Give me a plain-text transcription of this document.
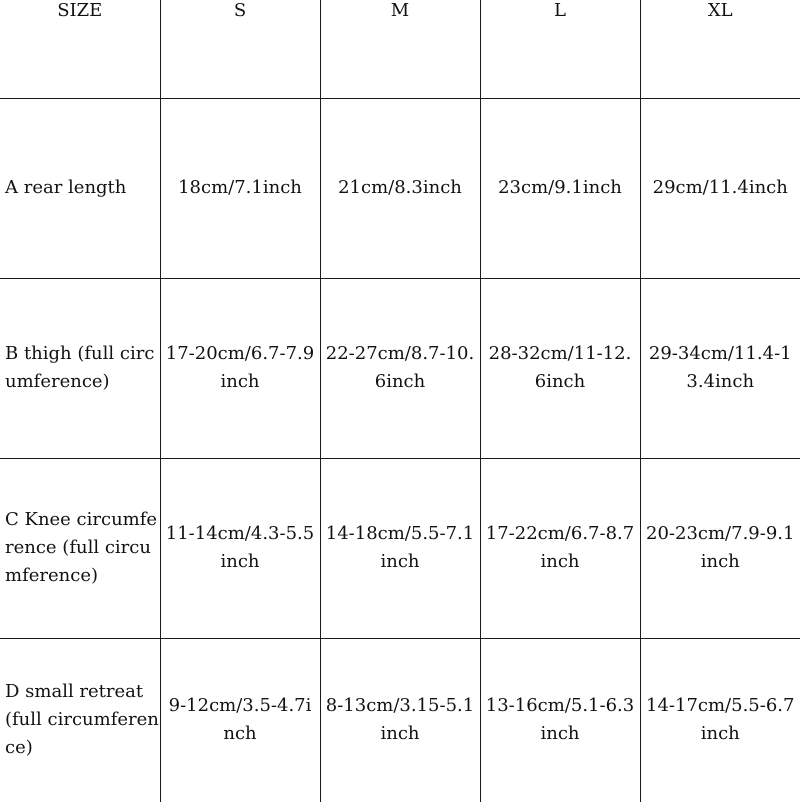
SIZE	S	M	L	XL
A rear length	18cm/7.1inch	21cm/8.3inch	23cm/9.1inch	29cm/11.4inch
B thigh (full circumference)	17-20cm/6.7-7.9inch	22-27cm/8.7-10.6inch	28-32cm/11-12.6inch	29-34cm/11.4-13.4inch
C Knee circumference (full circumference)	11-14cm/4.3-5.5inch	14-18cm/5.5-7.1inch	17-22cm/6.7-8.7inch	20-23cm/7.9-9.1inch
D small retreat (full circumference)	9-12cm/3.5-4.7inch	8-13cm/3.15-5.1inch	13-16cm/5.1-6.3inch	14-17cm/5.5-6.7inch
